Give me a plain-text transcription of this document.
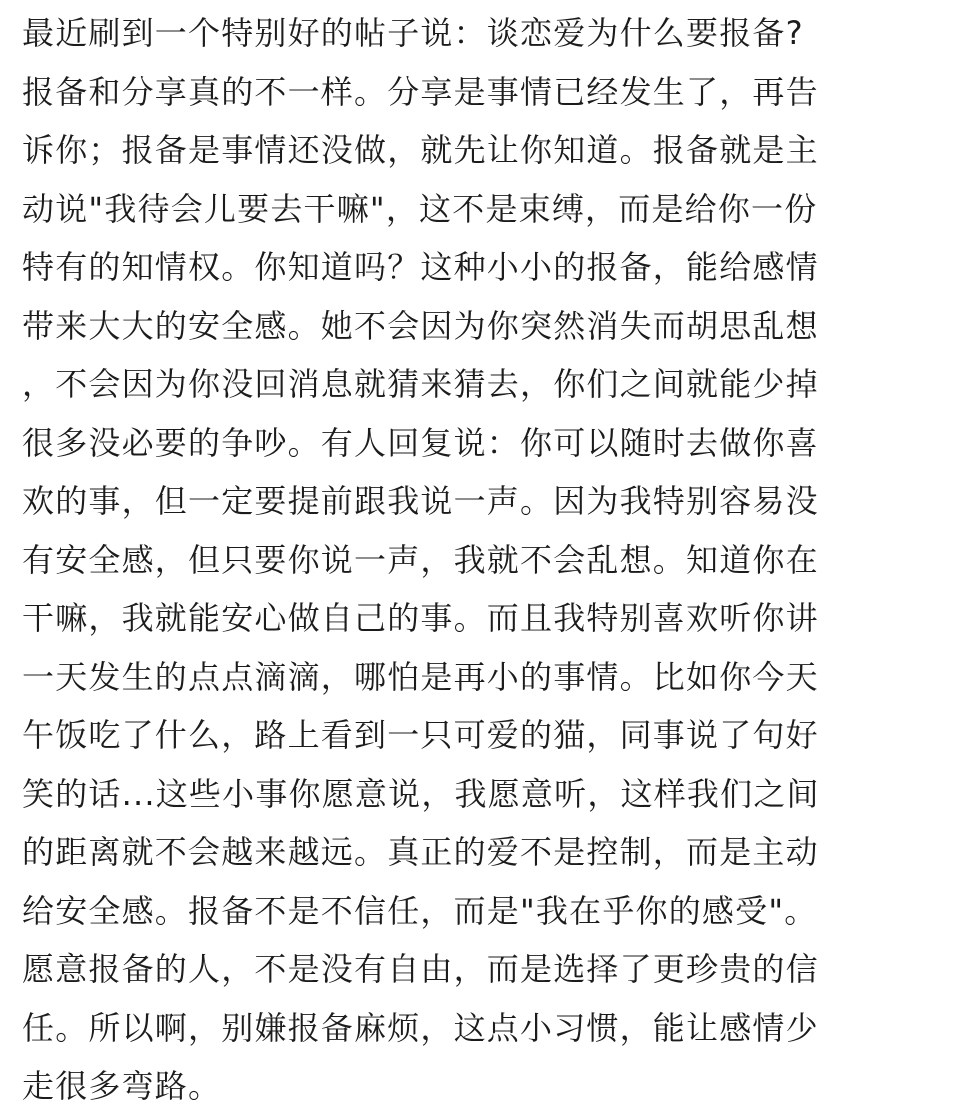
最近刷到一个特别好的帖子说：谈恋爱为什么要报备?
报备和分享真的不一样。分享是事情已经发生了，再告
诉你；报备是事情还没做，就先让你知道。报备就是主
动说"我待会儿要去干嘛"，这不是束缚，而是给你一份
特有的知情权。你知道吗？这种小小的报备，能给感情
带来大大的安全感。她不会因为你突然消失而胡思乱想
，不会因为你没回消息就猜来猜去，你们之间就能少掉
很多没必要的争吵。有人回复说：你可以随时去做你喜
欢的事，但一定要提前跟我说一声。因为我特别容易没
有安全感，但只要你说一声，我就不会乱想。知道你在
干嘛，我就能安心做自己的事。而且我特别喜欢听你讲
一天发生的点点滴滴，哪怕是再小的事情。比如你今天
午饭吃了什么，路上看到一只可爱的猫，同事说了句好
笑的话...这些小事你愿意说，我愿意听，这样我们之间
的距离就不会越来越远。真正的爱不是控制，而是主动
给安全感。报备不是不信任，而是"我在乎你的感受"。
愿意报备的人，不是没有自由，而是选择了更珍贵的信
任。所以啊，别嫌报备麻烦，这点小习惯，能让感情少
走很多弯路。
